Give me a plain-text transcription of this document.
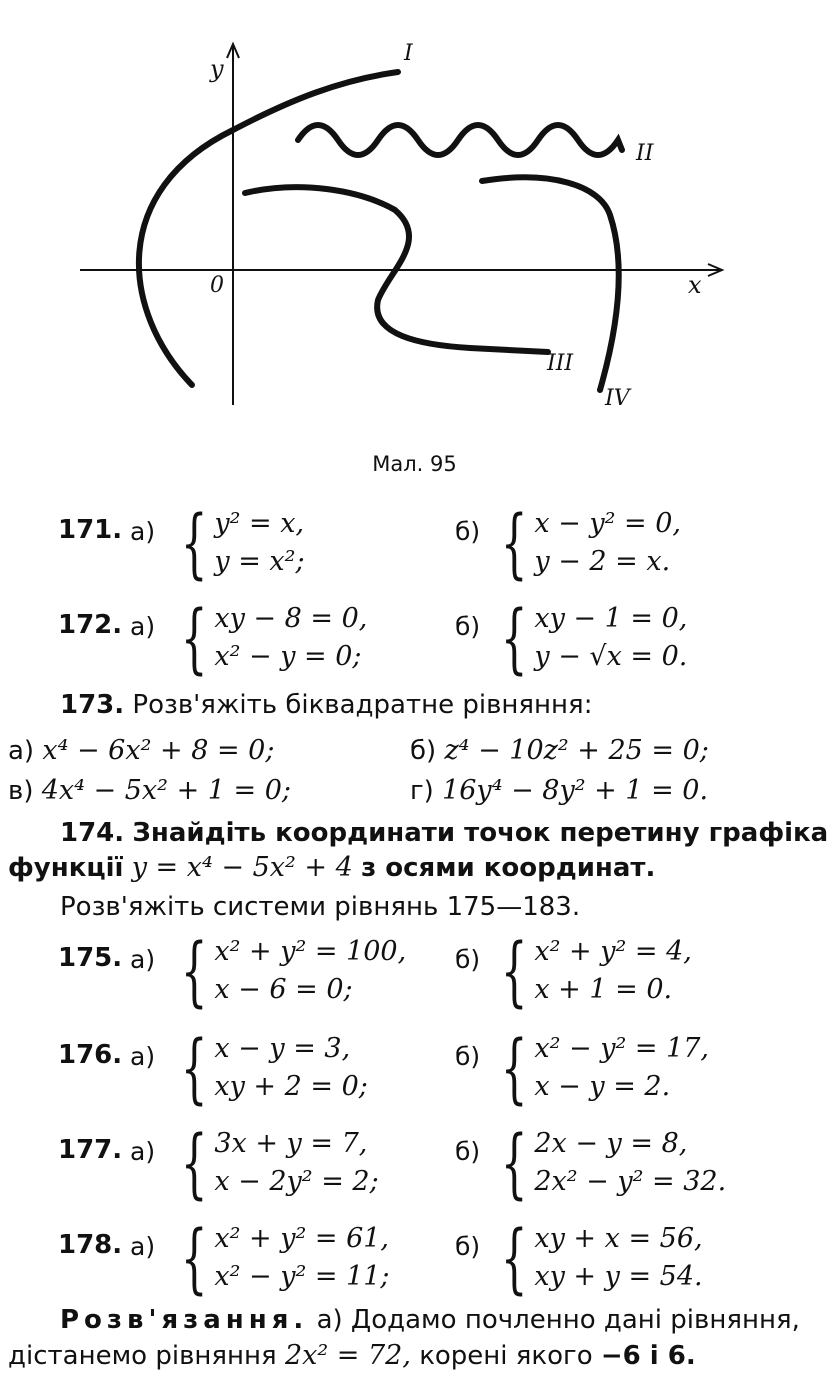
y
x
0
I
II
III
IV
Мал. 95
171. а) { y² = x,
y = x²;
б) { x − y² = 0,
y − 2 = x.
172. а) { xy − 8 = 0,
x² − y = 0;
б) { xy − 1 = 0,
y − √x = 0.
173. Розв'яжіть біквадратне рівняння:
а) x⁴ − 6x² + 8 = 0;	б) z⁴ − 10z² + 25 = 0;
в) 4x⁴ − 5x² + 1 = 0;	г) 16y⁴ − 8y² + 1 = 0.
174. Знайдіть координати точок перетину графіка
функції y = x⁴ − 5x² + 4 з осями координат.
Розв'яжіть системи рівнянь 175—183.
175. а) { x² + y² = 100,
x − 6 = 0;
б) { x² + y² = 4,
x + 1 = 0.
176. а) { x − y = 3,
xy + 2 = 0;
б) { x² − y² = 17,
x − y = 2.
177. а) { 3x + y = 7,
x − 2y² = 2;
б) { 2x − y = 8,
2x² − y² = 32.
178. а) { x² + y² = 61,
x² − y² = 11;
б) { xy + x = 56,
xy + y = 54.
Розв'язання. а) Додамо почленно дані рівняння,
дістанемо рівняння 2x² = 72, корені якого −6 і 6.
